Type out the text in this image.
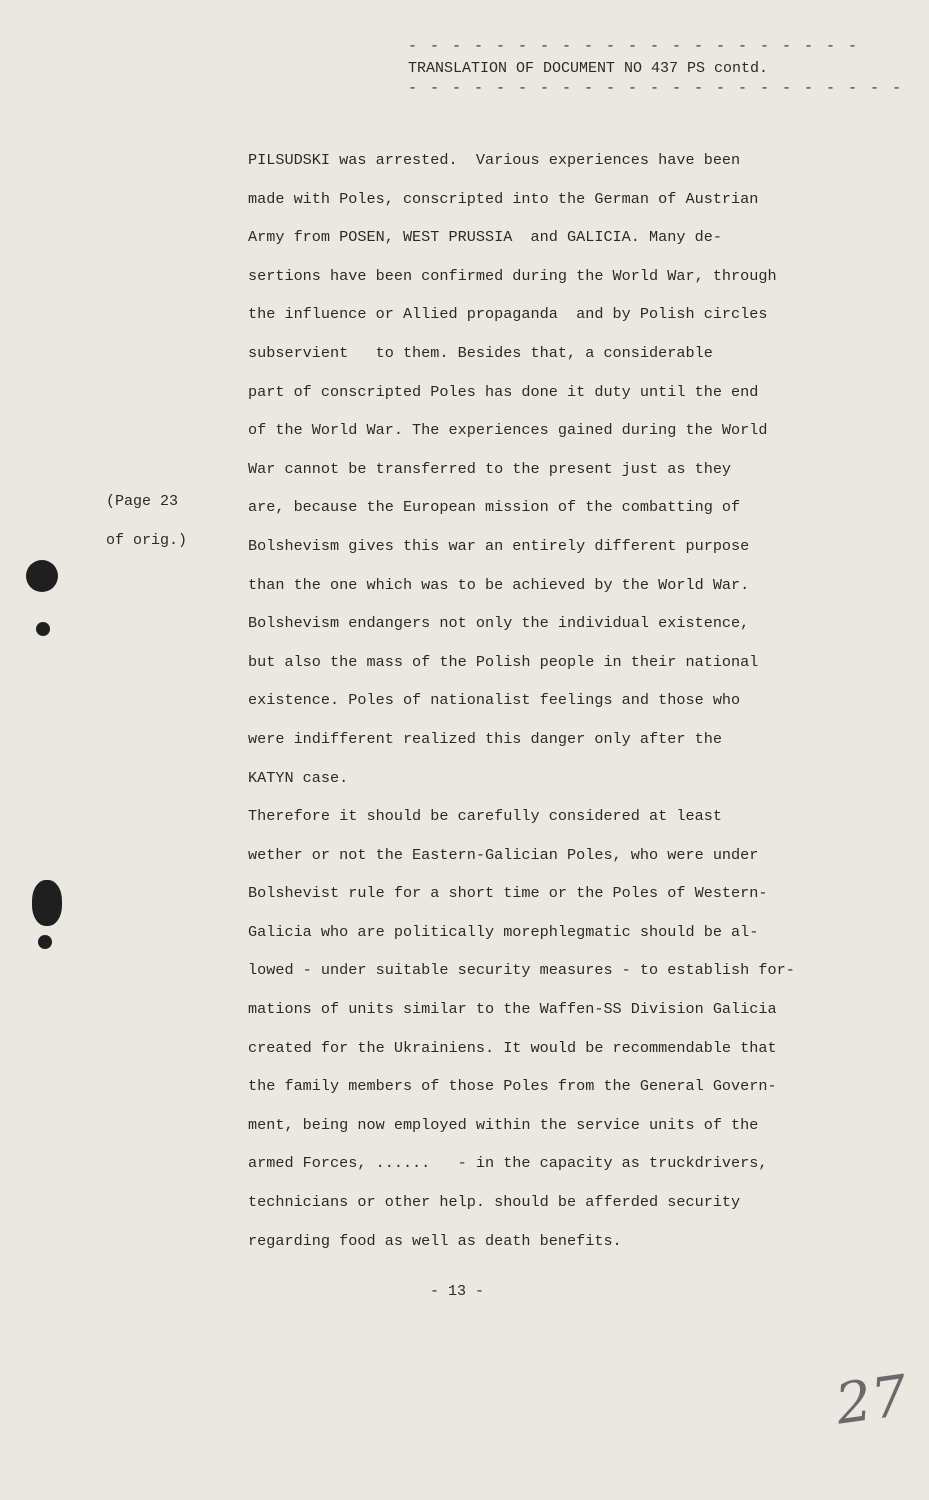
- - - - - - - - - - - - - - - - - - - - -
TRANSLATION OF DOCUMENT NO 437 PS contd.
- - - - - - - - - - - - - - - - - - - - - - -
(Page 23
of orig.)
PILSUDSKI was arrested.  Various experiences have been
made with Poles, conscripted into the German of Austrian
Army from POSEN, WEST PRUSSIA  and GALICIA. Many de-
sertions have been confirmed during the World War, through
the influence or Allied propaganda  and by Polish circles
subservient   to them. Besides that, a considerable
part of conscripted Poles has done it duty until the end
of the World War. The experiences gained during the World
War cannot be transferred to the present just as they
are, because the European mission of the combatting of
Bolshevism gives this war an entirely different purpose
than the one which was to be achieved by the World War.
Bolshevism endangers not only the individual existence,
but also the mass of the Polish people in their national
existence. Poles of nationalist feelings and those who
were indifferent realized this danger only after the
KATYN case.
Therefore it should be carefully considered at least
wether or not the Eastern-Galician Poles, who were under
Bolshevist rule for a short time or the Poles of Western-
Galicia who are politically morephlegmatic should be al-
lowed - under suitable security measures - to establish for-
mations of units similar to the Waffen-SS Division Galicia
created for the Ukrainiens. It would be recommendable that
the family members of those Poles from the General Govern-
ment, being now employed within the service units of the
armed Forces, ......   - in the capacity as truckdrivers,
technicians or other help. should be afferded security
regarding food as well as death benefits.
- 13 -
27
